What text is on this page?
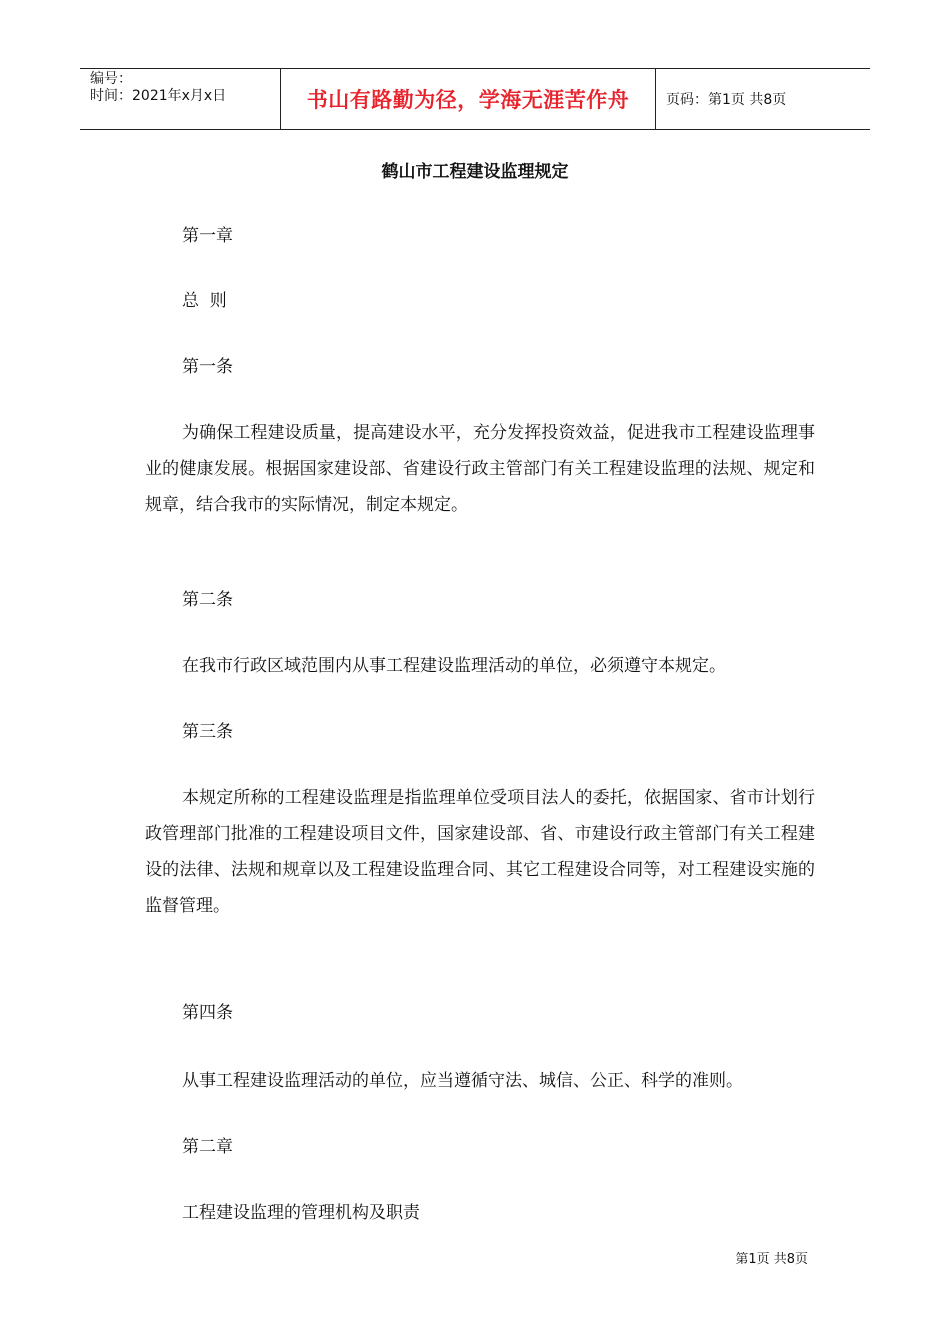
编号：
时间：2021年x月x日	书山有路勤为径，学海无涯苦作舟	页码：第1页 共8页
鹤山市工程建设监理规定

第一章

总  则

第一条

为确保工程建设质量，提高建设水平，充分发挥投资效益，促进我市工程建设监理事业的健康发展。根据国家建设部、省建设行政主管部门有关工程建设监理的法规、规定和规章，结合我市的实际情况，制定本规定。

第二条

在我市行政区域范围内从事工程建设监理活动的单位，必须遵守本规定。

第三条

本规定所称的工程建设监理是指监理单位受项目法人的委托，依据国家、省市计划行政管理部门批准的工程建设项目文件，国家建设部、省、市建设行政主管部门有关工程建设的法律、法规和规章以及工程建设监理合同、其它工程建设合同等，对工程建设实施的监督管理。

第四条

从事工程建设监理活动的单位，应当遵循守法、城信、公正、科学的准则。

第二章

工程建设监理的管理机构及职责

第1页 共8页
